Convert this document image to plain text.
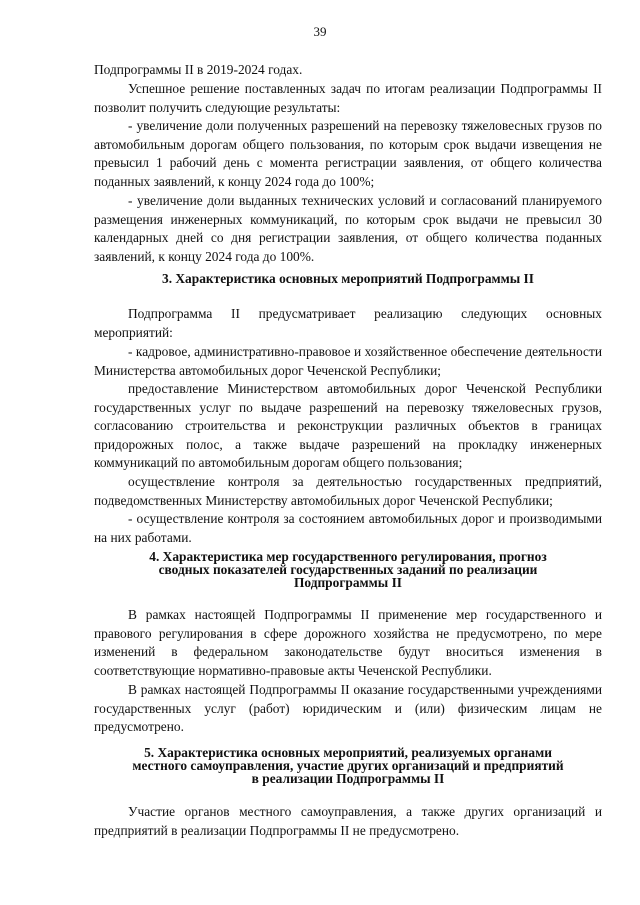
39

Подпрограммы II в 2019-2024 годах.

Успешное решение поставленных задач по итогам реализации Подпрограммы II позволит получить следующие результаты:

- увеличение доли полученных разрешений на перевозку тяжеловесных грузов по автомобильным дорогам общего пользования, по которым срок выдачи извещения не превысил 1 рабочий день с момента регистрации заявления, от общего количества поданных заявлений, к концу 2024 года до 100%;

- увеличение доли выданных технических условий и согласований планируемого размещения инженерных коммуникаций, по которым срок выдачи не превысил 30 календарных дней со дня регистрации заявления, от общего количества поданных заявлений, к концу 2024 года до 100%.

3. Характеристика основных мероприятий Подпрограммы II

Подпрограмма II предусматривает реализацию следующих основных мероприятий:

- кадровое, административно-правовое и хозяйственное обеспечение деятельности Министерства автомобильных дорог Чеченской Республики;

предоставление Министерством автомобильных дорог Чеченской Республики государственных услуг по выдаче разрешений на перевозку тяжеловесных грузов, согласованию строительства и реконструкции различных объектов в границах придорожных полос, а также выдаче разрешений на прокладку инженерных коммуникаций по автомобильным дорогам общего пользования;

осуществление контроля за деятельностью государственных предприятий, подведомственных Министерству автомобильных дорог Чеченской Республики;

- осуществление контроля за состоянием автомобильных дорог и производимыми на них работами.

4. Характеристика мер государственного регулирования, прогноз
сводных показателей государственных заданий по реализации
Подпрограммы II

В рамках настоящей Подпрограммы II применение мер государственного и правового регулирования в сфере дорожного хозяйства не предусмотрено, по мере изменений в федеральном законодательстве будут вноситься изменения в соответствующие нормативно-правовые акты Чеченской Республики.

В рамках настоящей Подпрограммы II оказание государственными учреждениями государственных услуг (работ) юридическим и (или) физическим лицам не предусмотрено.

5. Характеристика основных мероприятий, реализуемых органами
местного самоуправления, участие других организаций и предприятий
в реализации Подпрограммы II

Участие органов местного самоуправления, а также других организаций и предприятий в реализации Подпрограммы II не предусмотрено.
